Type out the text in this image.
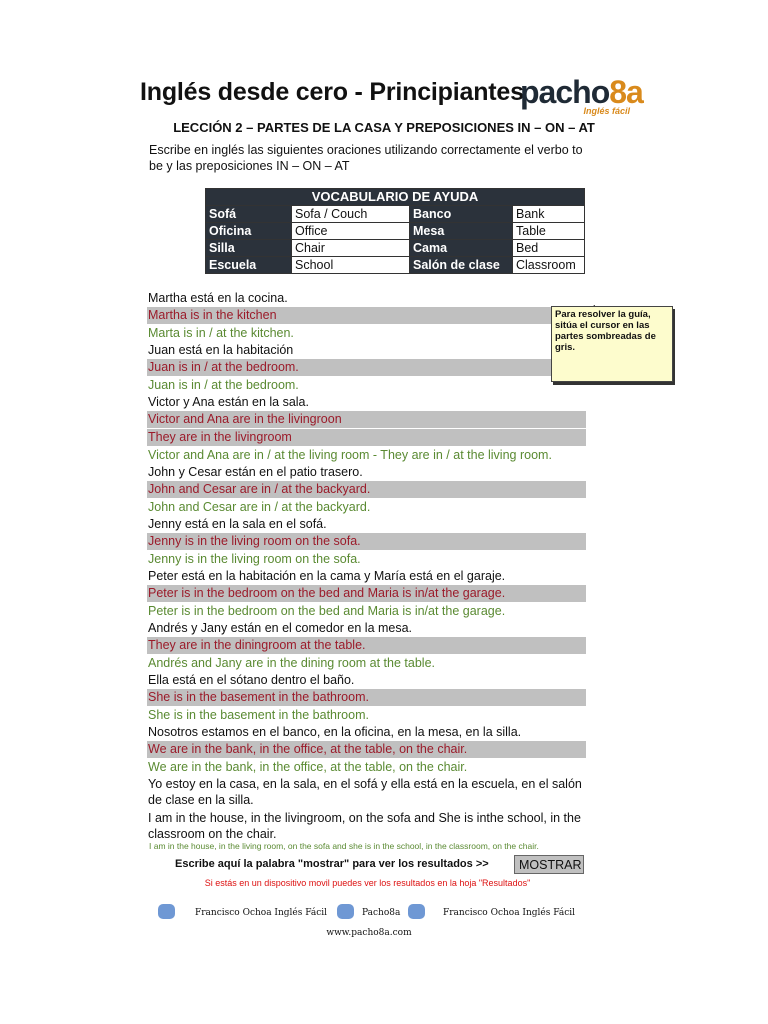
Inglés desde cero - Principiantes
pacho8a
Inglés fácil
LECCIÓN 2 – PARTES DE LA CASA Y PREPOSICIONES IN – ON – AT
Escribe en inglés las siguientes oraciones utilizando correctamente el verbo to be y las preposiciones IN – ON – AT
VOCABULARIO DE AYUDA			
Sofá	Sofa / Couch	Banco	Bank
Oficina	Office	Mesa	Table
Silla	Chair	Cama	Bed
Escuela	School	Salón de clase	Classroom
Martha está en la cocina.
Martha is in the kitchen
Marta is in / at the kitchen.
Juan está en la habitación
Juan is in / at the bedroom.
Juan is in / at the bedroom.
Victor y Ana están en la sala.
Victor and Ana are in the livingroon
They are in the livingroom
Victor and Ana are in / at the living room - They are in / at the living room.
John y Cesar están en el patio trasero.
John and Cesar are in / at the backyard.
John and Cesar are in / at the backyard.
Jenny está en la sala en el sofá.
Jenny is in the living room on the sofa.
Jenny is in the living room on the sofa.
Peter está en la habitación en la cama y María está en el garaje.
Peter is in the bedroom on the bed and Maria is in/at the garage.
Peter is in the bedroom on the bed and Maria is in/at the garage.
Andrés y Jany están en el comedor en la mesa.
They are in the diningroom at the table.
Andrés and Jany are in the dining room at the table.
Ella está en el sótano dentro el baño.
She is in the basement in the bathroom.
She is in the basement in the bathroom.
Nosotros estamos en el banco, en la oficina, en la mesa, en la silla.
We are in the bank, in the office, at the table, on the chair.
We are in the bank, in the office, at the table, on the chair.
Yo estoy en la casa, en la sala, en el sofá y ella está en la escuela, en el salón de clase en la silla.
I am in the house, in the livingroom, on the sofa and She is inthe school, in the classroom on the chair.
Para resolver la guía, sitúa el cursor en las partes sombreadas de gris.
I am in the house, in the living room, on the sofa and she is in the school, in the classroom, on the chair.
Escribe aquí la palabra "mostrar" para ver los resultados >>	MOSTRAR
Si estás en un dispositivo movil puedes ver los resultados en la hoja "Resultados"
Francisco Ochoa Inglés Fácil	Pacho8a	Francisco Ochoa Inglés Fácil
www.pacho8a.com
